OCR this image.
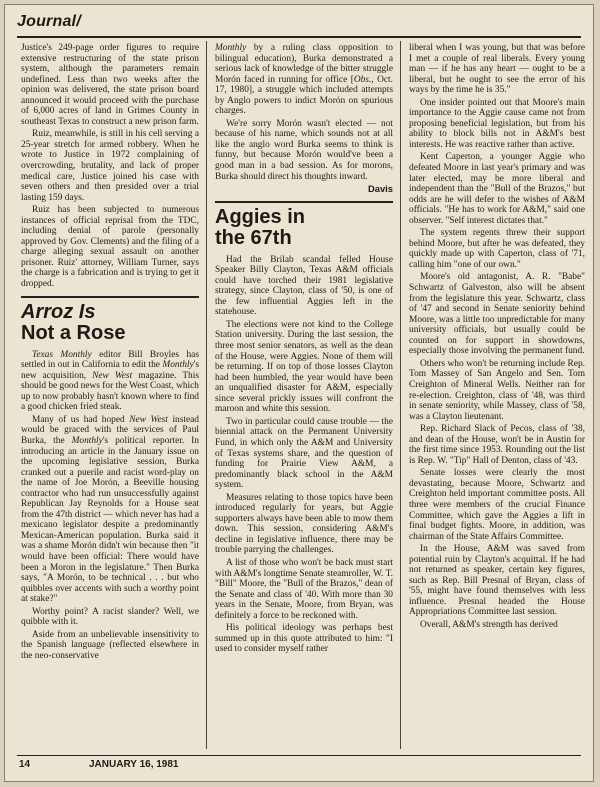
Journal/

Justice's 249-page order figures to require extensive restructuring of the state prison system, although the parameters remain undefined. Less than two weeks after the opinion was delivered, the state prison board announced it would proceed with the purchase of 6,000 acres of land in Grimes County in southeast Texas to construct a new prison farm.

Ruiz, meanwhile, is still in his cell serving a 25-year stretch for armed robbery. When he wrote to Justice in 1972 complaining of overcrowding, brutality, and lack of proper medical care, Justice joined his case with seven others and then presided over a trial lasting 159 days.

Ruiz has been subjected to numerous instances of official reprisal from the TDC, including denial of parole (personally approved by Gov. Clements) and the filing of a charge alleging sexual assault on another prisoner. Ruiz' attorney, William Turner, says the charge is a fabrication and is trying to get it dropped.

Arroz Is
Not a Rose

Texas Monthly editor Bill Broyles has settled in out in California to edit the Monthly's new acquisition, New West magazine. This should be good news for the West Coast, which up to now probably hasn't known where to find a good chicken fried steak.

Many of us had hoped New West instead would be graced with the services of Paul Burka, the Monthly's political reporter. In introducing an article in the January issue on the upcoming legislative session, Burka cranked out a puerile and racist word-play on the name of Joe Morón, a Beeville housing contractor who had run unsuccessfully against Republican Jay Reynolds for a House seat from the 47th district — which never has had a mexicano legislator despite a predominantly Mexican-American population. Burka said it was a shame Morón didn't win because then "it would have been official: There would have been a Moron in the legislature." Then Burka says, "A Morón, to be technical . . . but who quibbles over accents with such a worthy point at stake?"

Worthy point? A racist slander? Well, we quibble with it.

Aside from an unbelievable insensitivity to the Spanish language (reflected elsewhere in the neo-conservative

Monthly by a ruling class opposition to bilingual education), Burka demonstrated a serious lack of knowledge of the bitter struggle Morón faced in running for office [Obs., Oct. 17, 1980], a struggle which included attempts by Anglo powers to indict Morón on spurious charges.

We're sorry Morón wasn't elected — not because of his name, which sounds not at all like the anglo word Burka seems to think is funny, but because Morón would've been a good man in a bad session. As for morons, Burka should direct his thoughts inward.

Davis
Aggies in
the 67th

Had the Brilab scandal felled House Speaker Billy Clayton, Texas A&M officials could have torched their 1981 legislative strategy, since Clayton, class of '50, is one of the few influential Aggies left in the statehouse.

The elections were not kind to the College Station university. During the last session, the three most senior senators, as well as the dean of the House, were Aggies. None of them will be returning. If on top of those losses Clayton had been humbled, the year would have been an unqualified disaster for A&M, especially since several prickly issues will confront the maroon and white this session.

Two in particular could cause trouble — the biennial attack on the Permanent University Fund, in which only the A&M and University of Texas systems share, and the question of funding for Prairie View A&M, a predominantly black school in the A&M system.

Measures relating to those topics have been introduced regularly for years, but Aggie supporters always have been able to mow them down. This session, considering A&M's decline in legislative influence, there may be trouble parrying the challenges.

A list of those who won't be back must start with A&M's longtime Senate steamroller, W. T. "Bill" Moore, the "Bull of the Brazos," dean of the Senate and class of '40. With more than 30 years in the Senate, Moore, from Bryan, was definitely a force to be reckoned with.

His political ideology was perhaps best summed up in this quote attributed to him: "I used to consider myself rather

liberal when I was young, but that was before I met a couple of real liberals. Every young man — if he has any heart — ought to be a liberal, but he ought to see the error of his ways by the time he is 35."

One insider pointed out that Moore's main importance to the Aggie cause came not from proposing beneficial legislation, but from his ability to block bills not in A&M's best interests. He was reactive rather than active.

Kent Caperton, a younger Aggie who defeated Moore in last year's primary and was later elected, may be more liberal and independent than the "Bull of the Brazos," but odds are he will defer to the wishes of A&M officials. "He has to work for A&M," said one observer. "Self interest dictates that."

The system regents threw their support behind Moore, but after he was defeated, they quickly made up with Caperton, class of '71, calling him "one of our own."

Moore's old antagonist, A. R. "Babe" Schwartz of Galveston, also will be absent from the legislature this year. Schwartz, class of '47 and second in Senate seniority behind Moore, was a little too unpredictable for many university officials, but usually could be counted on for support in showdowns, especially those involving the permanent fund.

Others who won't be returning include Rep. Tom Massey of San Angelo and Sen. Tom Creighton of Mineral Wells. Neither ran for re-election. Creighton, class of '48, was third in senate seniority, while Massey, class of '58, was a Clayton lieutenant.

Rep. Richard Slack of Pecos, class of '38, and dean of the House, won't be in Austin for the first time since 1953. Rounding out the list is Rep. W. "Tip" Hall of Denton, class of '43.

Senate losses were clearly the most devastating, because Moore, Schwartz and Creighton held important committee posts. All three were members of the crucial Finance Committee, which gave the Aggies a lift in final budget fights. Moore, in addition, was chairman of the State Affairs Committee.

In the House, A&M was saved from potential ruin by Clayton's acquittal. If he had not returned as speaker, certain key figures, such as Rep. Bill Presnal of Bryan, class of '55, might have found themselves with less influence. Presnal headed the House Appropriations Committee last session.

Overall, A&M's strength has derived

14	JANUARY 16, 1981
